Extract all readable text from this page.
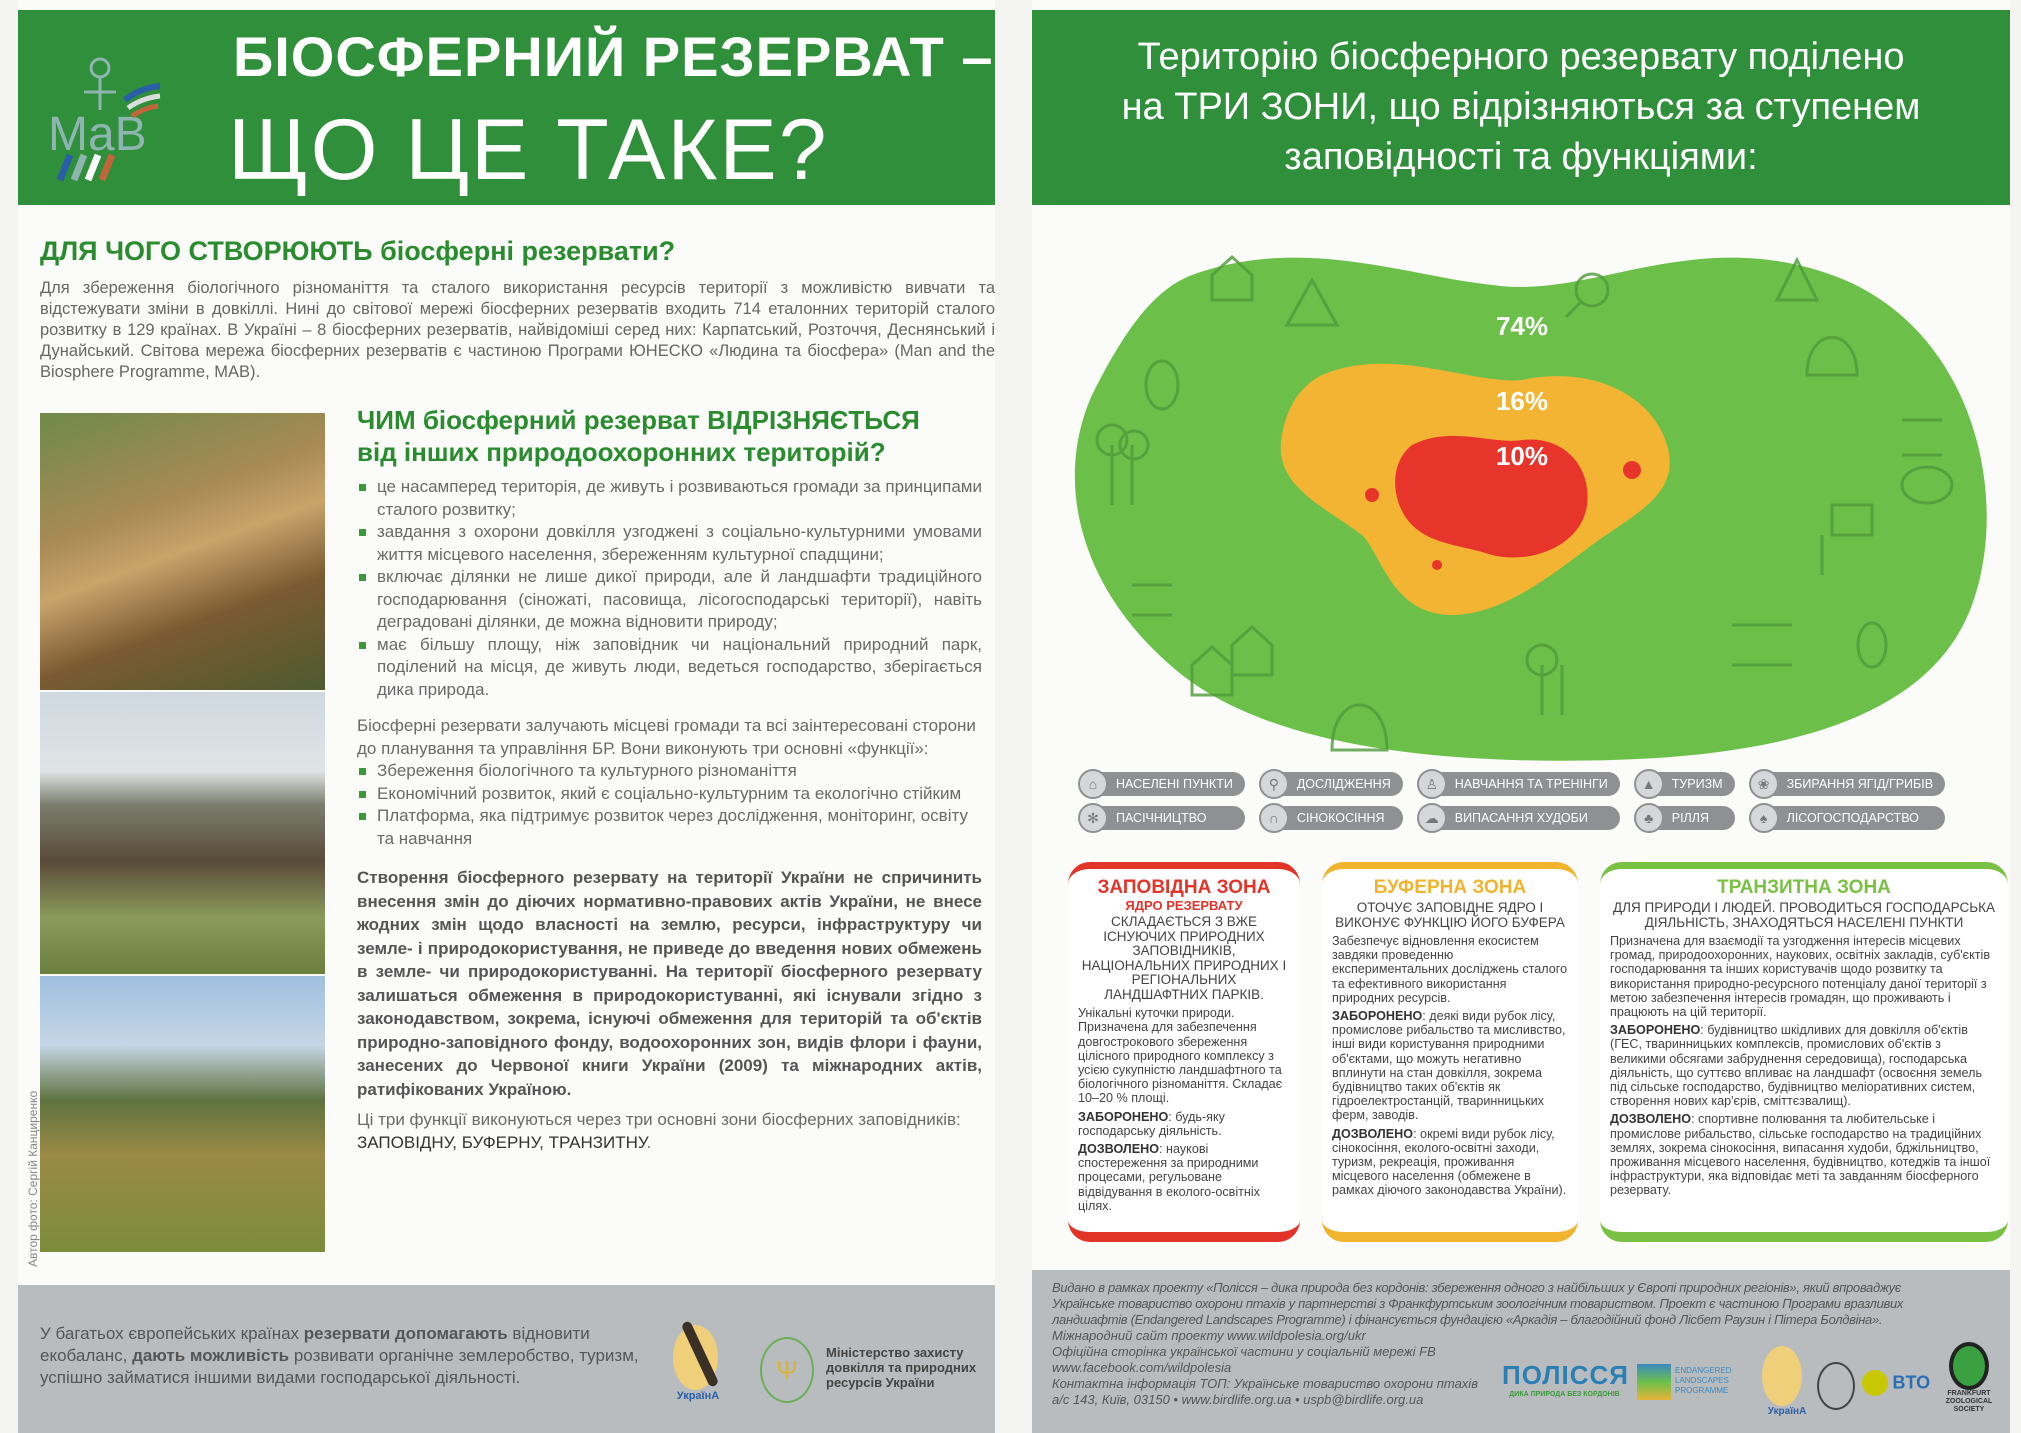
MaB
БІОСФЕРНИЙ РЕЗЕРВАТ –
ЩО ЦЕ ТАКЕ?
ДЛЯ ЧОГО СТВОРЮЮТЬ біосферні резервати?

Для збереження біологічного різноманіття та сталого використання ресурсів території з можливістю вивчати та відстежувати зміни в довкіллі. Нині до світової мережі біосферних резерватів входить 714 еталонних територій сталого розвитку в 129 країнах. В Україні – 8 біосферних резерватів, найвідоміші серед них: Карпатський, Розточчя, Деснянський і Дунайський. Світова мережа біосферних резерватів є частиною Програми ЮНЕСКО «Людина та біосфера» (Man and the Biosphere Programme, MAB).

Автор фото: Сергій Канциренко
ЧИМ біосферний резерват ВІДРІЗНЯЄТЬСЯ
від інших природоохоронних територій?
це насамперед територія, де живуть і розвиваються громади за принципами сталого розвитку;
завдання з охорони довкілля узгоджені з соціально-культурними умовами життя місцевого населення, збереженням культурної спадщини;
включає ділянки не лише дикої природи, але й ландшафти традиційного господарювання (сіножаті, пасовища, лісогосподарські території), навіть деградовані ділянки, де можна відновити природу;
має більшу площу, ніж заповідник чи національний природний парк, поділений на місця, де живуть люди, ведеться господарство, зберігається дика природа.

Біосферні резервати залучають місцеві громади та всі заінтересовані сторони до планування та управління БР. Вони виконують три основні «функції»:

Збереження біологічного та культурного різноманіття
Економічний розвиток, який є соціально-культурним та екологічно стійким
Платформа, яка підтримує розвиток через дослідження, моніторинг, освіту та навчання

Створення біосферного резервату на території України не спричинить внесення змін до діючих нормативно-правових актів України, не внесе жодних змін щодо власності на землю, ресурси, інфраструктуру чи земле- і природокористування, не приведе до введення нових обмежень в земле- чи природокористуванні. На території біосферного резервату залишаться обмеження в природокористуванні, які існували згідно з законодавством, зокрема, існуючі обмеження для територій та об'єктів природно-заповідного фонду, водоохоронних зон, видів флори і фауни, занесених до Червоної книги України (2009) та міжнародних актів, ратифікованих Україною.

Ці три функції виконуються через три основні зони біосферних заповідників: ЗАПОВІДНУ, БУФЕРНУ, ТРАНЗИТНУ.

У багатьох європейських країнах резервати допомагають відновити екобаланс, дають можливість розвивати органічне землеробство, туризм, успішно займатися іншими видами господарської діяльності.

УкраїнА
Ψ
Міністерство захисту довкілля та природних ресурсів України
Територію біосферного резервату поділено
на ТРИ ЗОНИ, що відрізняються за ступенем
заповідності та функціями:
74%
16%
10%
⌂	НАСЕЛЕНІ ПУНКТИ	⚲	ДОСЛІДЖЕННЯ	♙	НАВЧАННЯ ТА ТРЕНІНГИ	▲	ТУРИЗМ	❀	ЗБИРАННЯ ЯГІД/ГРИБІВ
✻	ПАСІЧНИЦТВО	∩	СІНОКОСІННЯ	☁	ВИПАСАННЯ ХУДОБИ	♣	РІЛЛЯ	♠	ЛІСОГОСПОДАРСТВО
ЗАПОВІДНА ЗОНА
ЯДРО РЕЗЕРВАТУ
СКЛАДАЄТЬСЯ З ВЖЕ ІСНУЮЧИХ ПРИРОДНИХ ЗАПОВІДНИКІВ, НАЦІОНАЛЬНИХ ПРИРОДНИХ І РЕГІОНАЛЬНИХ ЛАНДШАФТНИХ ПАРКІВ.

Унікальні куточки природи. Призначена для забезпечення довгострокового збереження цілісного природного комплексу з усією сукупністю ландшафтного та біологічного різноманіття. Складає 10–20 % площі.

ЗАБОРОНЕНО: будь-яку господарську діяльність.

ДОЗВОЛЕНО: наукові спостереження за природними процесами, регульоване відвідування в еколого-освітніх цілях.

БУФЕРНА ЗОНА
ОТОЧУЄ ЗАПОВІДНЕ ЯДРО І ВИКОНУЄ ФУНКЦІЮ ЙОГО БУФЕРА

Забезпечує відновлення екосистем завдяки проведенню експериментальних досліджень сталого та ефективного використання природних ресурсів.

ЗАБОРОНЕНО: деякі види рубок лісу, промислове рибальство та мисливство, інші види користування природними об'єктами, що можуть негативно вплинути на стан довкілля, зокрема будівництво таких об'єктів як гідроелектростанцій, тваринницьких ферм, заводів.

ДОЗВОЛЕНО: окремі види рубок лісу, сінокосіння, еколого-освітні заходи, туризм, рекреація, проживання місцевого населення (обмежене в рамках діючого законодавства України).

ТРАНЗИТНА ЗОНА
ДЛЯ ПРИРОДИ І ЛЮДЕЙ. ПРОВОДИТЬСЯ ГОСПОДАРСЬКА ДІЯЛЬНІСТЬ, ЗНАХОДЯТЬСЯ НАСЕЛЕНІ ПУНКТИ

Призначена для взаємодії та узгодження інтересів місцевих громад, природоохоронних, наукових, освітніх закладів, суб'єктів господарювання та інших користувачів щодо розвитку та використання природно-ресурсного потенціалу даної території з метою забезпечення інтересів громадян, що проживають і працюють на цій території.

ЗАБОРОНЕНО: будівництво шкідливих для довкілля об'єктів (ГЕС, тваринницьких комплексів, промислових об'єктів з великими обсягами забруднення середовища), господарська діяльність, що суттєво впливає на ландшафт (освоєння земель під сільське господарство, будівництво меліоративних систем, створення нових кар'єрів, сміттєзвалищ).

ДОЗВОЛЕНО: спортивне полювання та любительське і промислове рибальство, сільське господарство на традиційних землях, зокрема сінокосіння, випасання худоби, бджільництво, проживання місцевого населення, будівництво, котеджів та іншої інфраструктури, яка відповідає меті та завданням біосферного резервату.

Видано в рамках проекту «Полісся – дика природа без кордонів: збереження одного з найбільших у Європі природних регіонів», який впроваджує
Українське товариство охорони птахів у партнерстві з Франкфуртським зоологічним товариством. Проект є частиною Програми вразливих
ландшафтів (Endangered Landscapes Programme) і фінансується фундацією «Аркадія – благодійний фонд Лісбет Раузин і Пітера Болдвіна».
Міжнародний сайт проекту www.wildpolesia.org/ukr
Офіційна сторінка української частини у соціальній мережі FB
www.facebook.com/wildpolesia
Контактна інформація ТОП: Українське товариство охорони птахів
а/с 143, Київ, 03150 • www.birdlife.org.ua • uspb@birdlife.org.ua
ПОЛІССЯ
ДИКА ПРИРОДА БЕЗ КОРДОНІВ
ENDANGERED LANDSCAPES PROGRAMME
УкраїнА
BTO
FRANKFURT ZOOLOGICAL SOCIETY
